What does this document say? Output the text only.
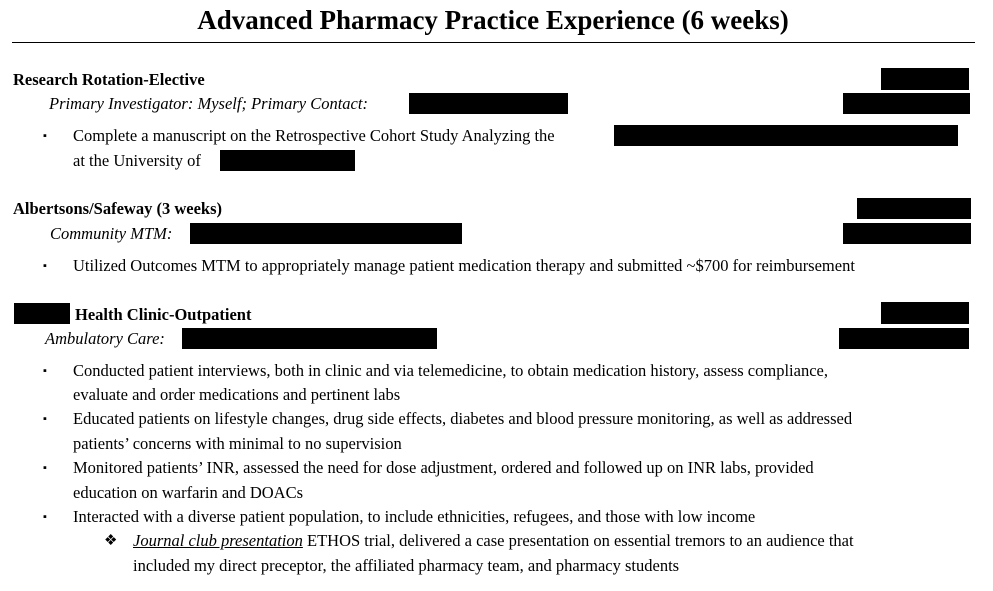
Advanced Pharmacy Practice Experience (6 weeks)
Research Rotation-Elective
Primary Investigator: Myself; Primary Contact:
▪ Complete a manuscript on the Retrospective Cohort Study Analyzing the
at the University of
Albertsons/Safeway (3 weeks)
Community MTM:
▪ Utilized Outcomes MTM to appropriately manage patient medication therapy and submitted ~$700 for reimbursement
Health Clinic-Outpatient
Ambulatory Care:
▪ Conducted patient interviews, both in clinic and via telemedicine, to obtain medication history, assess compliance,
evaluate and order medications and pertinent labs
▪ Educated patients on lifestyle changes, drug side effects, diabetes and blood pressure monitoring, as well as addressed
patients’ concerns with minimal to no supervision
▪ Monitored patients’ INR, assessed the need for dose adjustment, ordered and followed up on INR labs, provided
education on warfarin and DOACs
▪ Interacted with a diverse patient population, to include ethnicities, refugees, and those with low income
❖ Journal club presentation ETHOS trial, delivered a case presentation on essential tremors to an audience that
included my direct preceptor, the affiliated pharmacy team, and pharmacy students
